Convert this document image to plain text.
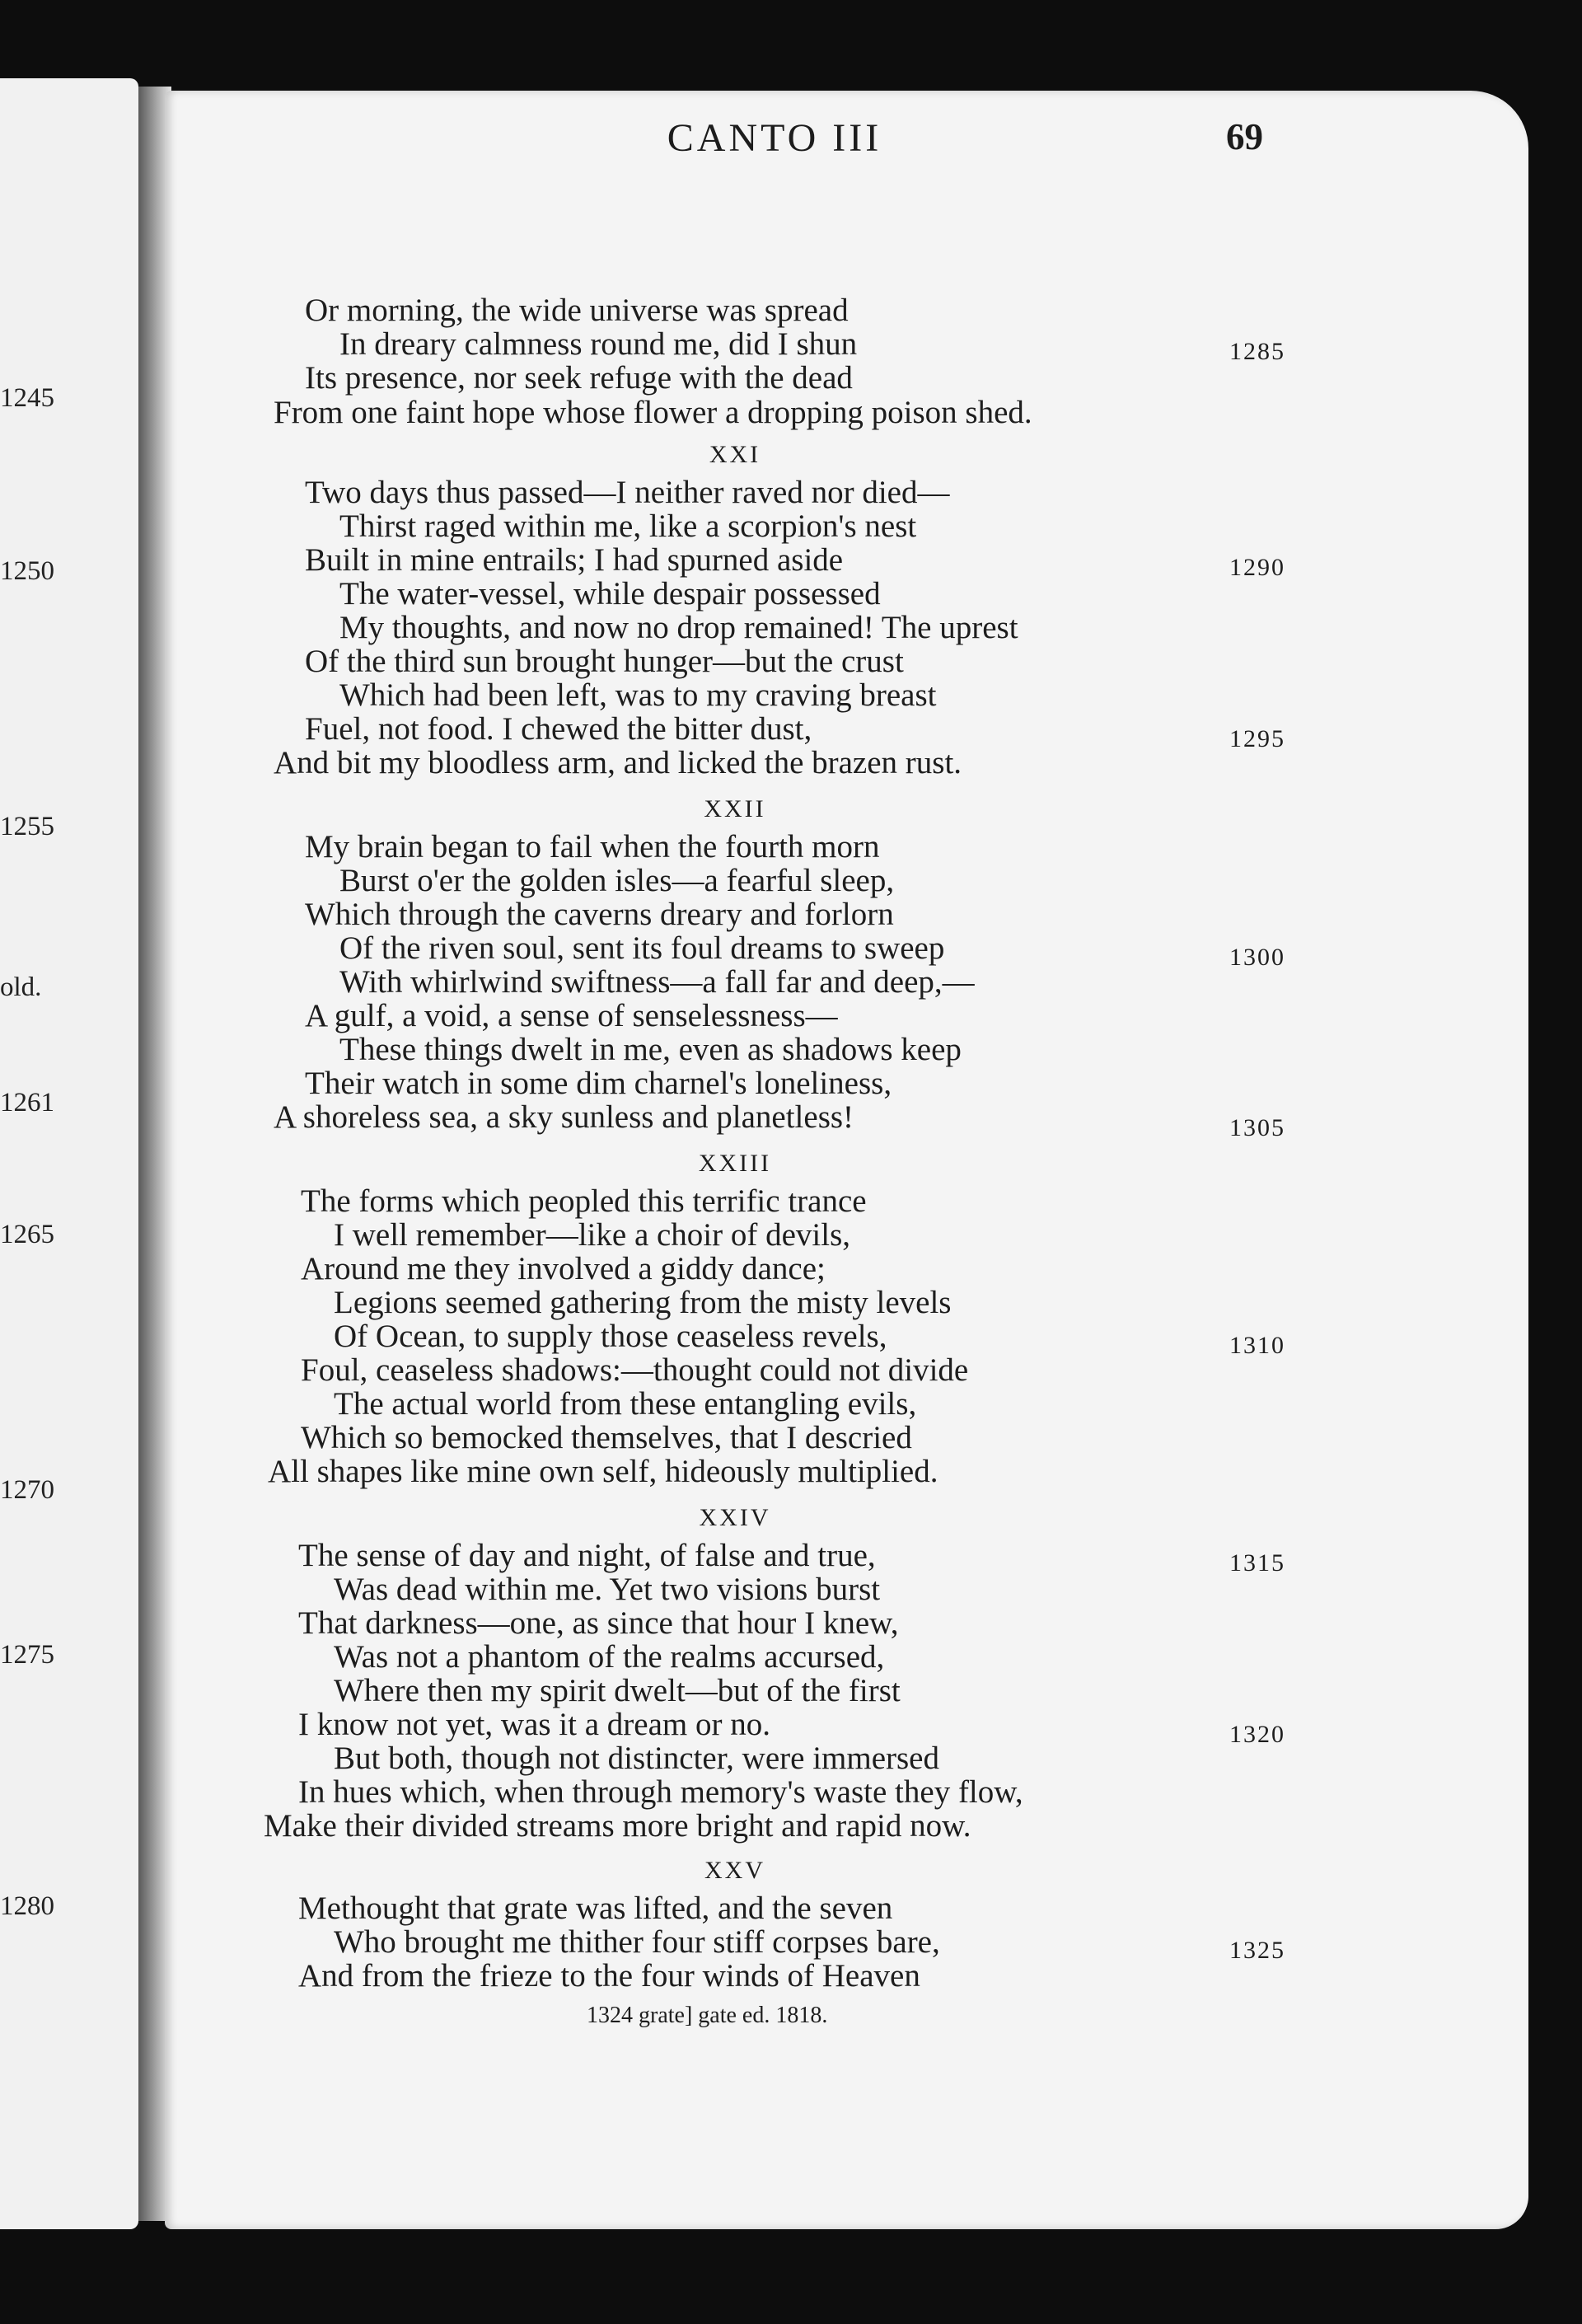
1245
1250
1255
old.
1261
1265
1270
1275
1280
CANTO III	69
Or morning, the wide universe was spread
In dreary calmness round me, did I shun
Its presence, nor seek refuge with the dead
From one faint hope whose flower a dropping poison shed.
XXI
Two days thus passed—I neither raved nor died—
Thirst raged within me, like a scorpion's nest
Built in mine entrails; I had spurned aside
The water-vessel, while despair possessed
My thoughts, and now no drop remained! The uprest
Of the third sun brought hunger—but the crust
Which had been left, was to my craving breast
Fuel, not food. I chewed the bitter dust,
And bit my bloodless arm, and licked the brazen rust.
XXII
My brain began to fail when the fourth morn
Burst o'er the golden isles—a fearful sleep,
Which through the caverns dreary and forlorn
Of the riven soul, sent its foul dreams to sweep
With whirlwind swiftness—a fall far and deep,—
A gulf, a void, a sense of senselessness—
These things dwelt in me, even as shadows keep
Their watch in some dim charnel's loneliness,
A shoreless sea, a sky sunless and planetless!
XXIII
The forms which peopled this terrific trance
I well remember—like a choir of devils,
Around me they involved a giddy dance;
Legions seemed gathering from the misty levels
Of Ocean, to supply those ceaseless revels,
Foul, ceaseless shadows:—thought could not divide
The actual world from these entangling evils,
Which so bemocked themselves, that I descried
All shapes like mine own self, hideously multiplied.
XXIV
The sense of day and night, of false and true,
Was dead within me. Yet two visions burst
That darkness—one, as since that hour I knew,
Was not a phantom of the realms accursed,
Where then my spirit dwelt—but of the first
I know not yet, was it a dream or no.
But both, though not distincter, were immersed
In hues which, when through memory's waste they flow,
Make their divided streams more bright and rapid now.
XXV
Methought that grate was lifted, and the seven
Who brought me thither four stiff corpses bare,
And from the frieze to the four winds of Heaven
1285
1290
1295
1300
1305
1310
1315
1320
1325
1324 grate] gate ed. 1818.
